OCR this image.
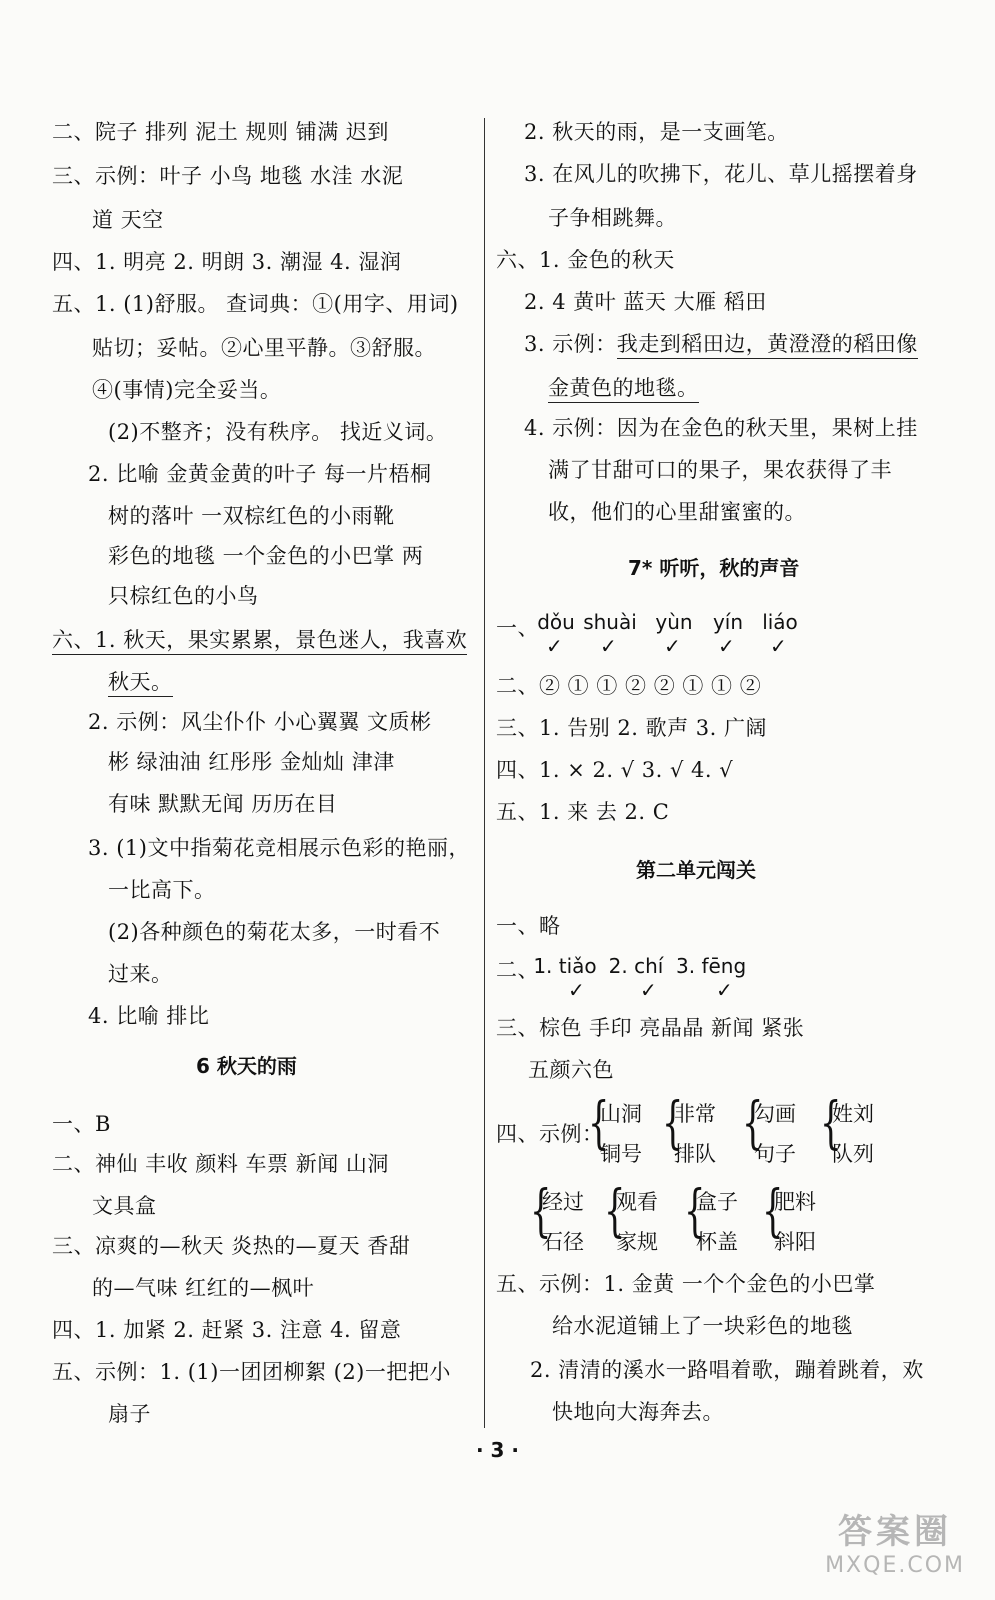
二、院子 排列 泥土 规则 铺满 迟到
三、示例：叶子 小鸟 地毯 水洼 水泥
道 天空
四、1. 明亮 2. 明朗 3. 潮湿 4. 湿润
五、1. (1)舒服。 查词典：①(用字、用词)
贴切；妥帖。②心里平静。③舒服。
④(事情)完全妥当。
(2)不整齐；没有秩序。 找近义词。
2. 比喻 金黄金黄的叶子 每一片梧桐
树的落叶 一双棕红色的小雨靴
彩色的地毯 一个金色的小巴掌 两
只棕红色的小鸟
六、1. 秋天，果实累累，景色迷人，我喜欢
秋天。
2. 示例：风尘仆仆 小心翼翼 文质彬
彬 绿油油 红彤彤 金灿灿 津津
有味 默默无闻 历历在目
3. (1)文中指菊花竞相展示色彩的艳丽，
一比高下。
(2)各种颜色的菊花太多，一时看不
过来。
4. 比喻 排比
6 秋天的雨
一、B
二、神仙 丰收 颜料 车票 新闻 山洞
文具盒
三、凉爽的—秋天 炎热的—夏天 香甜
的—气味 红红的—枫叶
四、1. 加紧 2. 赶紧 3. 注意 4. 留意
五、示例：1. (1)一团团柳絮 (2)一把把小
扇子
2. 秋天的雨，是一支画笔。
3. 在风儿的吹拂下，花儿、草儿摇摆着身
子争相跳舞。
六、1. 金色的秋天
2. 4 黄叶 蓝天 大雁 稻田
3. 示例：我走到稻田边，黄澄澄的稻田像
金黄色的地毯。
4. 示例：因为在金色的秋天里，果树上挂
满了甘甜可口的果子，果农获得了丰
收，他们的心里甜蜜蜜的。
7* 听听，秋的声音
一、
dǒu
✓
shuài
✓
yùn
✓
yín
✓
liáo
✓
二、② ① ① ② ② ① ① ②
三、1. 告别 2. 歌声 3. 广阔
四、1. × 2. √ 3. √ 4. √
五、1. 来 去 2. C
第二单元闯关
一、略
二、
1. tiǎo
✓
2. chí
✓
3. fēng
✓
三、棕色 手印 亮晶晶 新闻 紧张
五颜六色
四、示例：
{
山洞
铜号 {
非常
排队 {
勾画
句子 {
姓刘
队列
{
经过
石径 {
观看
家规 {
盒子
杯盖 {
肥料
斜阳
五、示例：1. 金黄 一个个金色的小巴掌
给水泥道铺上了一块彩色的地毯
2. 清清的溪水一路唱着歌，蹦着跳着，欢
快地向大海奔去。
· 3 ·
答案圈
MXQE.COM
